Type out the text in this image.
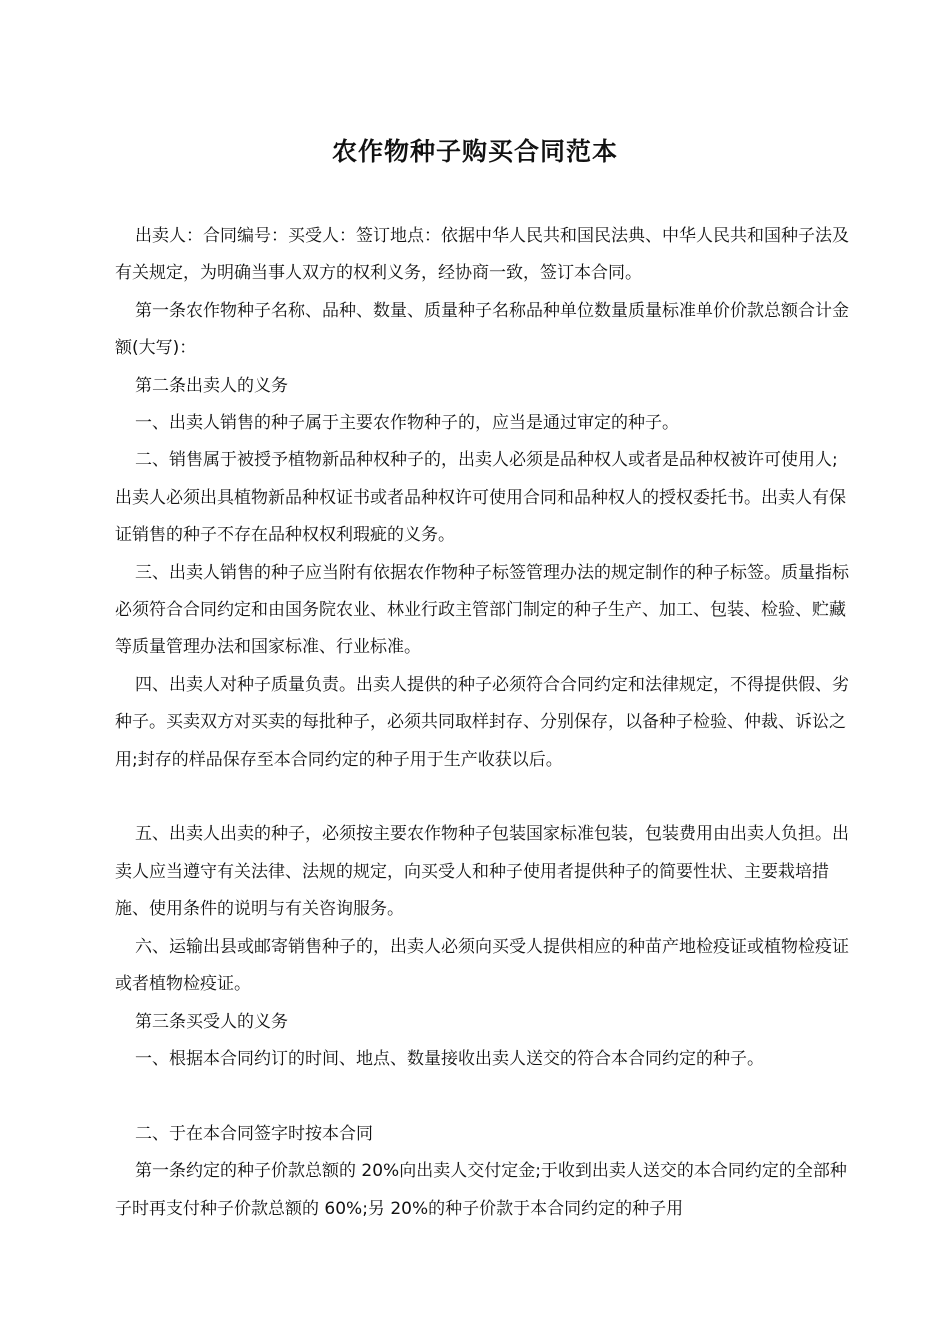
农作物种子购买合同范本

出卖人：合同编号：买受人：签订地点：依据中华人民共和国民法典、中华人民共和国种子法及有关规定，为明确当事人双方的权利义务，经协商一致，签订本合同。

第一条农作物种子名称、品种、数量、质量种子名称品种单位数量质量标准单价价款总额合计金额(大写)：

第二条出卖人的义务

一、出卖人销售的种子属于主要农作物种子的，应当是通过审定的种子。

二、销售属于被授予植物新品种权种子的，出卖人必须是品种权人或者是品种权被许可使用人;出卖人必须出具植物新品种权证书或者品种权许可使用合同和品种权人的授权委托书。出卖人有保证销售的种子不存在品种权权利瑕疵的义务。

三、出卖人销售的种子应当附有依据农作物种子标签管理办法的规定制作的种子标签。质量指标必须符合合同约定和由国务院农业、林业行政主管部门制定的种子生产、加工、包装、检验、贮藏等质量管理办法和国家标准、行业标准。

四、出卖人对种子质量负责。出卖人提供的种子必须符合合同约定和法律规定，不得提供假、劣种子。买卖双方对买卖的每批种子，必须共同取样封存、分别保存，以备种子检验、仲裁、诉讼之用;封存的样品保存至本合同约定的种子用于生产收获以后。

五、出卖人出卖的种子，必须按主要农作物种子包装国家标准包装，包装费用由出卖人负担。出卖人应当遵守有关法律、法规的规定，向买受人和种子使用者提供种子的简要性状、主要栽培措施、使用条件的说明与有关咨询服务。

六、运输出县或邮寄销售种子的，出卖人必须向买受人提供相应的种苗产地检疫证或植物检疫证或者植物检疫证。

第三条买受人的义务

一、根据本合同约订的时间、地点、数量接收出卖人送交的符合本合同约定的种子。

二、于在本合同签字时按本合同

第一条约定的种子价款总额的 20%向出卖人交付定金;于收到出卖人送交的本合同约定的全部种子时再支付种子价款总额的 60%;另 20%的种子价款于本合同约定的种子用
